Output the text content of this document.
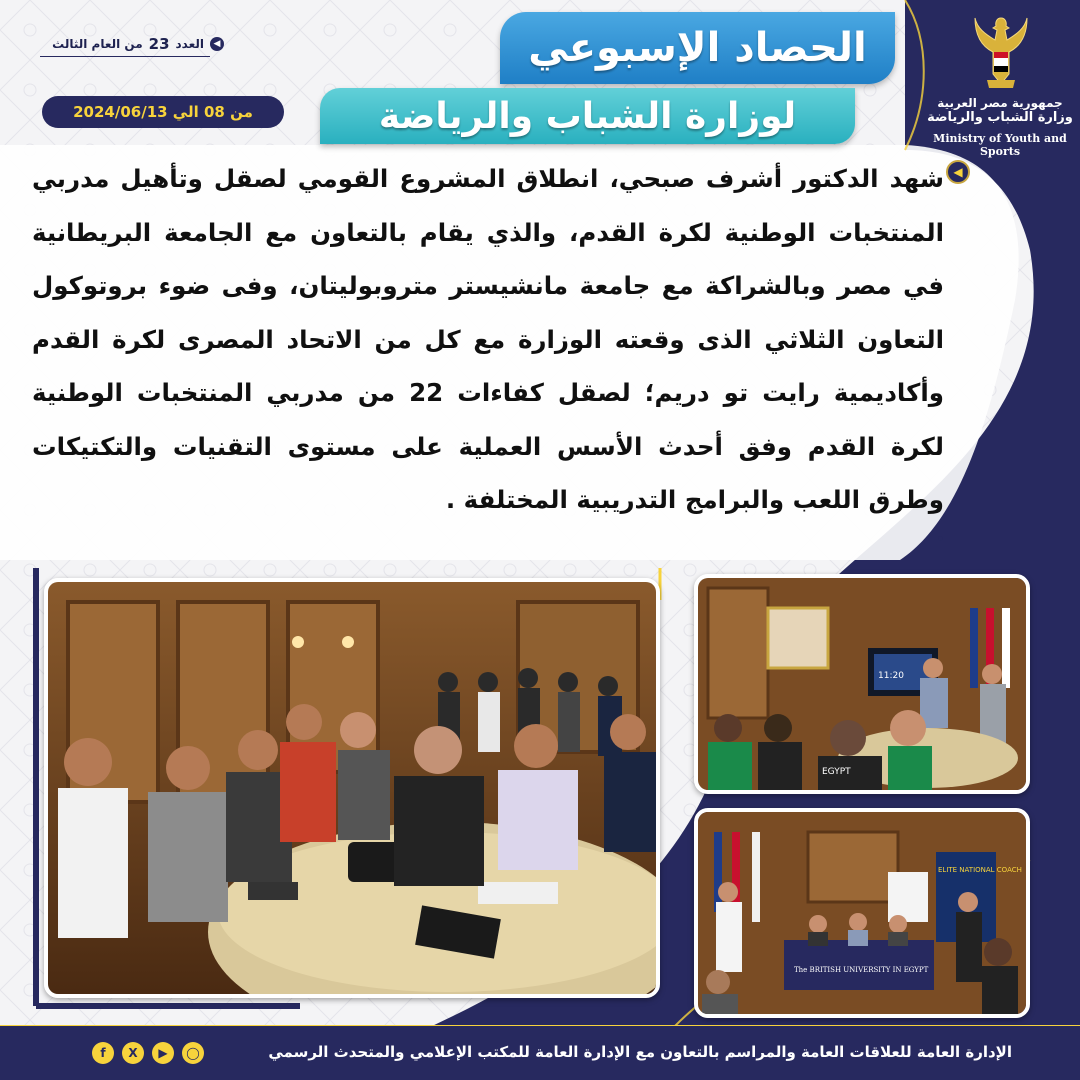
◀
العدد
23
من العام الثالث
من 08 الي 2024/06/13
الحصاد الإسبوعي
لوزارة الشباب والرياضة	جمهورية مصر العربية
وزارة الشباب والرياضة
Ministry of Youth and Sports
◀
شهد الدكتور أشرف صبحي، انطلاق المشروع القومي لصقل وتأهيل مدربي المنتخبات الوطنية لكرة القدم، والذي يقام بالتعاون مع الجامعة البريطانية في مصر وبالشراكة مع جامعة مانشيستر متروبوليتان، وفى ضوء بروتوكول التعاون الثلاثي الذى وقعته الوزارة مع كل من الاتحاد المصرى لكرة القدم وأكاديمية رايت تو دريم؛ لصقل كفاءات 22 من مدربي المنتخبات الوطنية لكرة القدم وفق أحدث الأسس العملية على مستوى التقنيات والتكتيكات وطرق اللعب والبرامج التدريبية المختلفة .
11:20
EGYPT
ELITE NATIONAL COACH
The BRITISH UNIVERSITY IN EGYPT
الإدارة العامة للعلاقات العامة والمراسم بالتعاون مع الإدارة العامة للمكتب الإعلامي والمتحدث الرسمي
f	X	▶	◯
